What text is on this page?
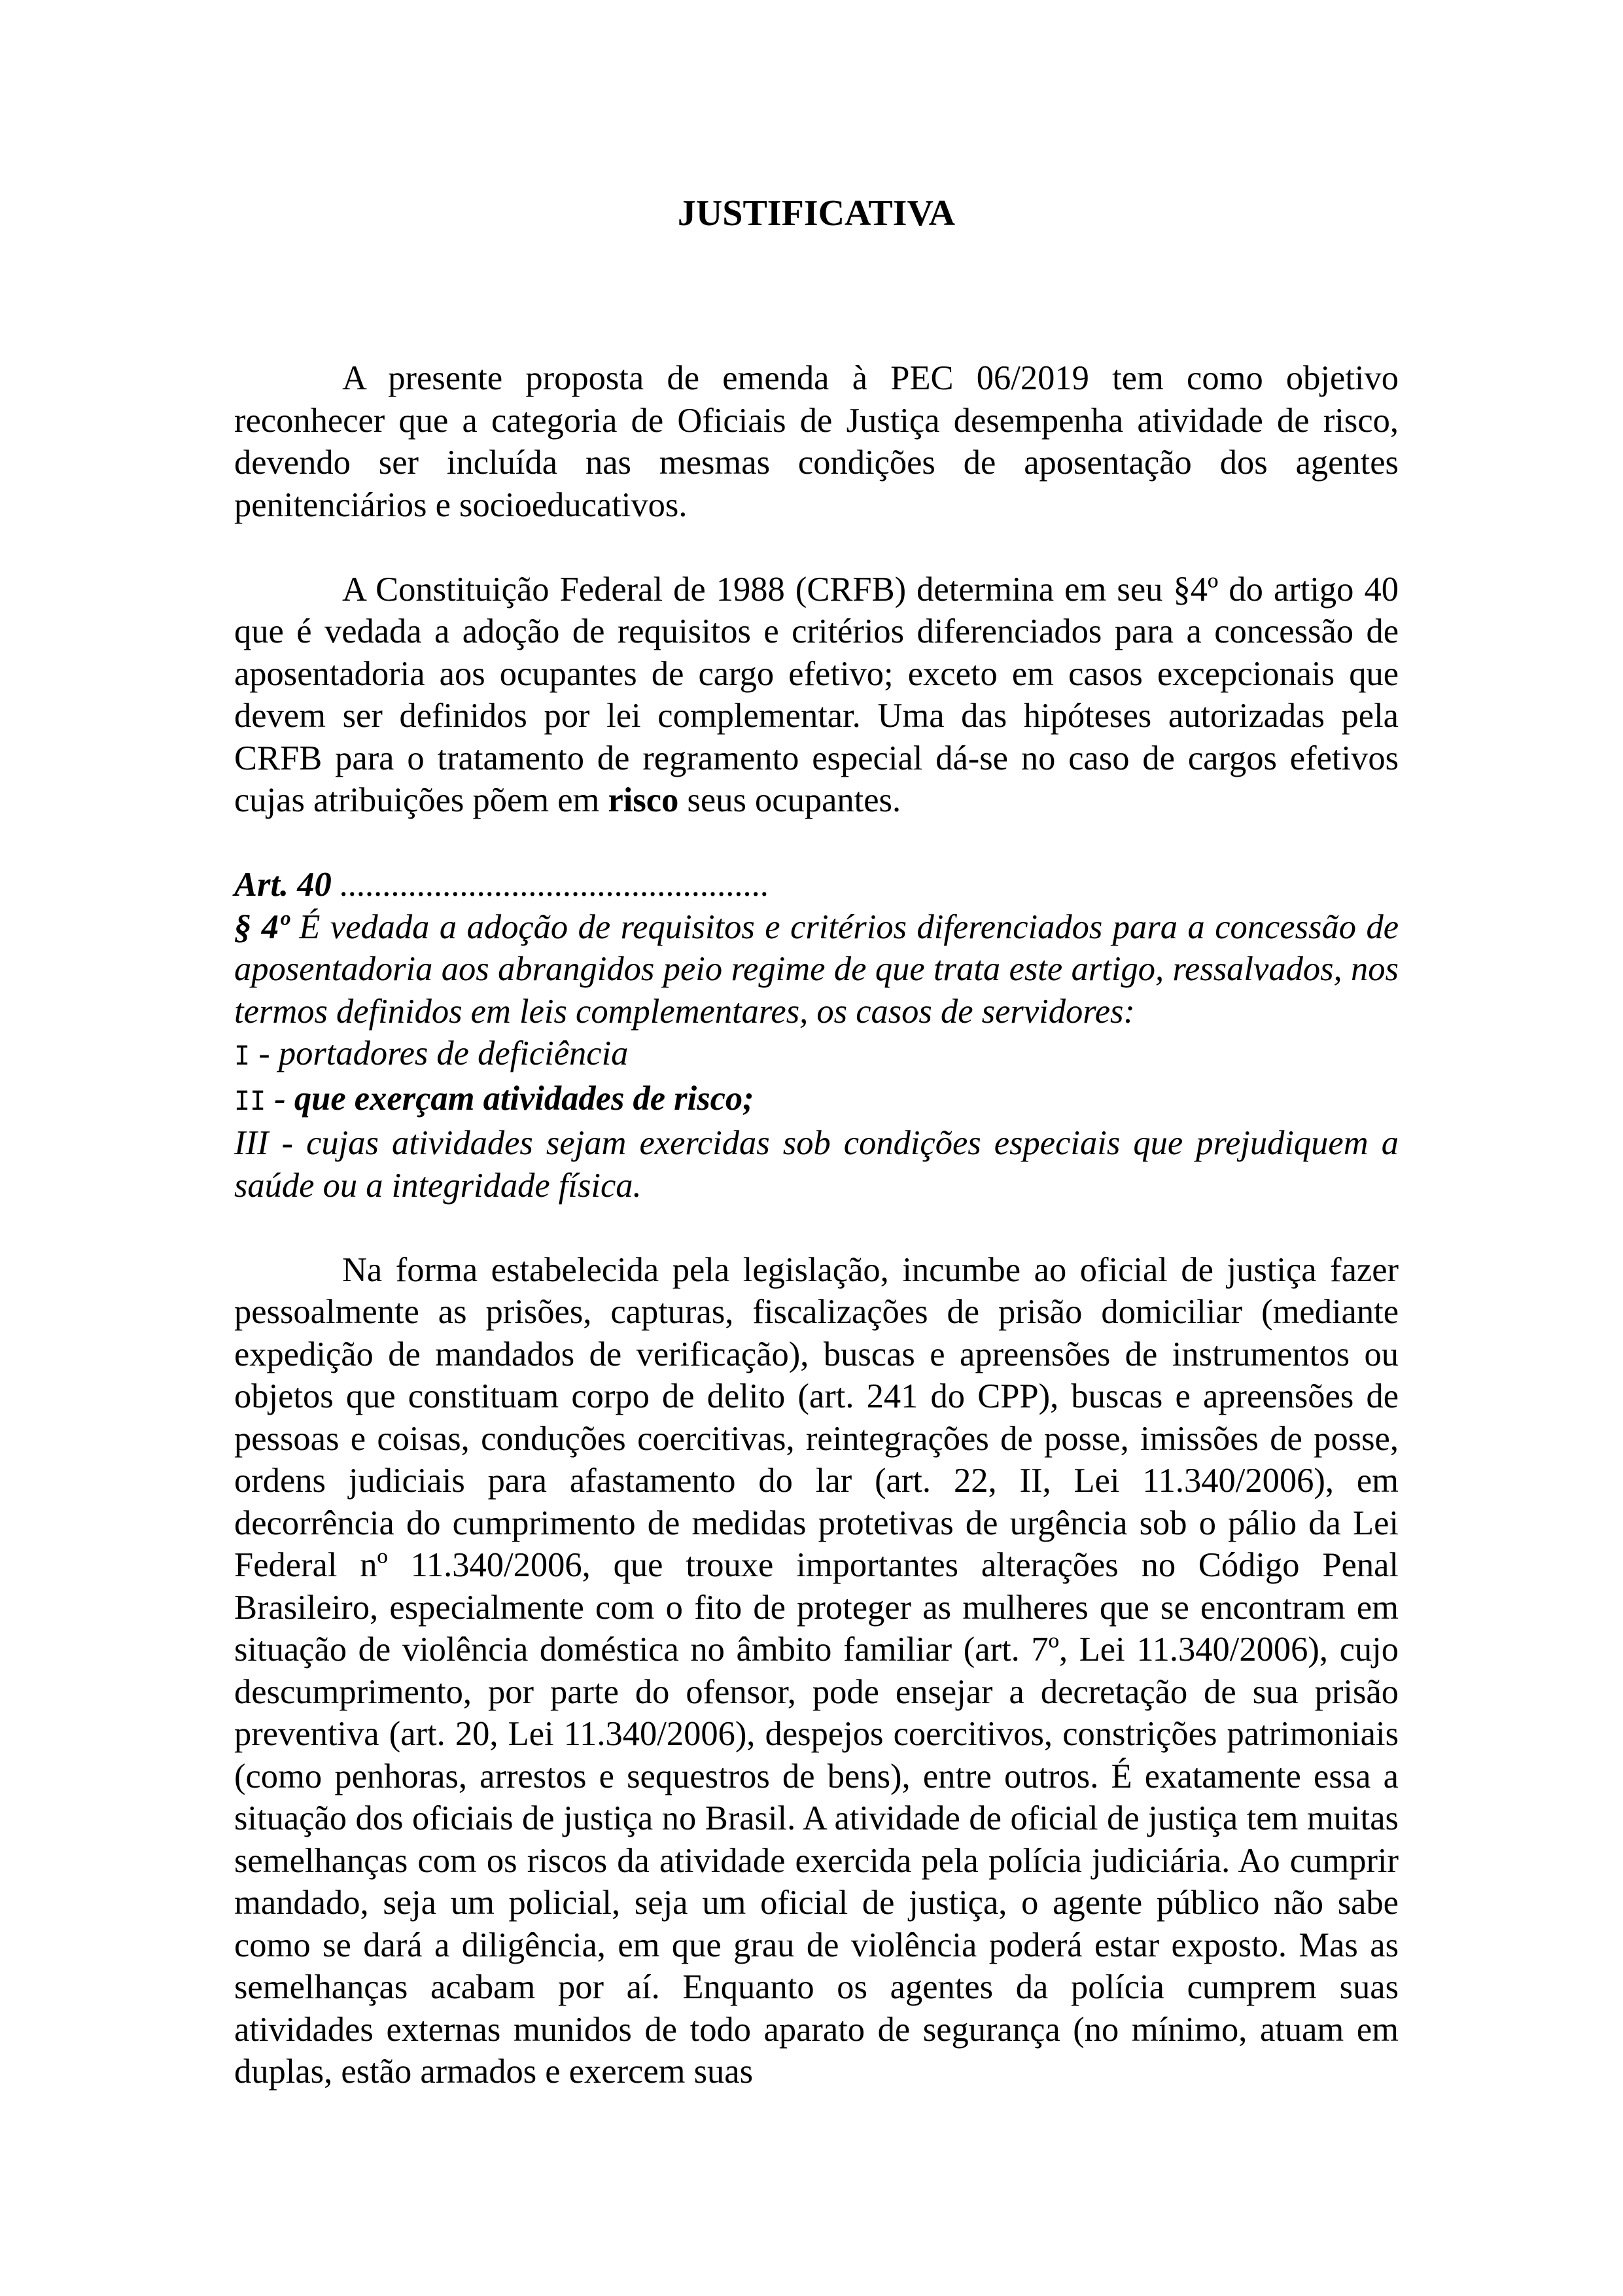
JUSTIFICATIVA

A presente proposta de emenda à PEC 06/2019 tem como objetivo reconhecer que a categoria de Oficiais de Justiça desempenha atividade de risco, devendo ser incluída nas mesmas condições de aposentação dos agentes penitenciários e socioeducativos.

A Constituição Federal de 1988 (CRFB) determina em seu §4º do artigo 40 que é vedada a adoção de requisitos e critérios diferenciados para a concessão de aposentadoria aos ocupantes de cargo efetivo; exceto em casos excepcionais que devem ser definidos por lei complementar. Uma das hipóteses autorizadas pela CRFB para o tratamento de regramento especial dá-se no caso de cargos efetivos cujas atribuições põem em risco seus ocupantes.

Art. 40 ..................................................

§ 4º É vedada a adoção de requisitos e critérios diferenciados para a concessão de aposentadoria aos abrangidos peio regime de que trata este artigo, ressalvados, nos termos definidos em leis complementares, os casos de servidores:

I - portadores de deficiência

II - que exerçam atividades de risco;

III - cujas atividades sejam exercidas sob condições especiais que prejudiquem a saúde ou a integridade física.

Na forma estabelecida pela legislação, incumbe ao oficial de justiça fazer pessoalmente as prisões, capturas, fiscalizações de prisão domiciliar (mediante expedição de mandados de verificação), buscas e apreensões de instrumentos ou objetos que constituam corpo de delito (art. 241 do CPP), buscas e apreensões de pessoas e coisas, conduções coercitivas, reintegrações de posse, imissões de posse, ordens judiciais para afastamento do lar (art. 22, II, Lei 11.340/2006), em decorrência do cumprimento de medidas protetivas de urgência sob o pálio da Lei Federal nº 11.340/2006, que trouxe importantes alterações no Código Penal Brasileiro, especialmente com o fito de proteger as mulheres que se encontram em situação de violência doméstica no âmbito familiar (art. 7º, Lei 11.340/2006), cujo descumprimento, por parte do ofensor, pode ensejar a decretação de sua prisão preventiva (art. 20, Lei 11.340/2006), despejos coercitivos, constrições patrimoniais (como penhoras, arrestos e sequestros de bens), entre outros. É exatamente essa a situação dos oficiais de justiça no Brasil. A atividade de oficial de justiça tem muitas semelhanças com os riscos da atividade exercida pela polícia judiciária. Ao cumprir mandado, seja um policial, seja um oficial de justiça, o agente público não sabe como se dará a diligência, em que grau de violência poderá estar exposto. Mas as semelhanças acabam por aí. Enquanto os agentes da polícia cumprem suas atividades externas munidos de todo aparato de segurança (no mínimo, atuam em duplas, estão armados e exercem suas
